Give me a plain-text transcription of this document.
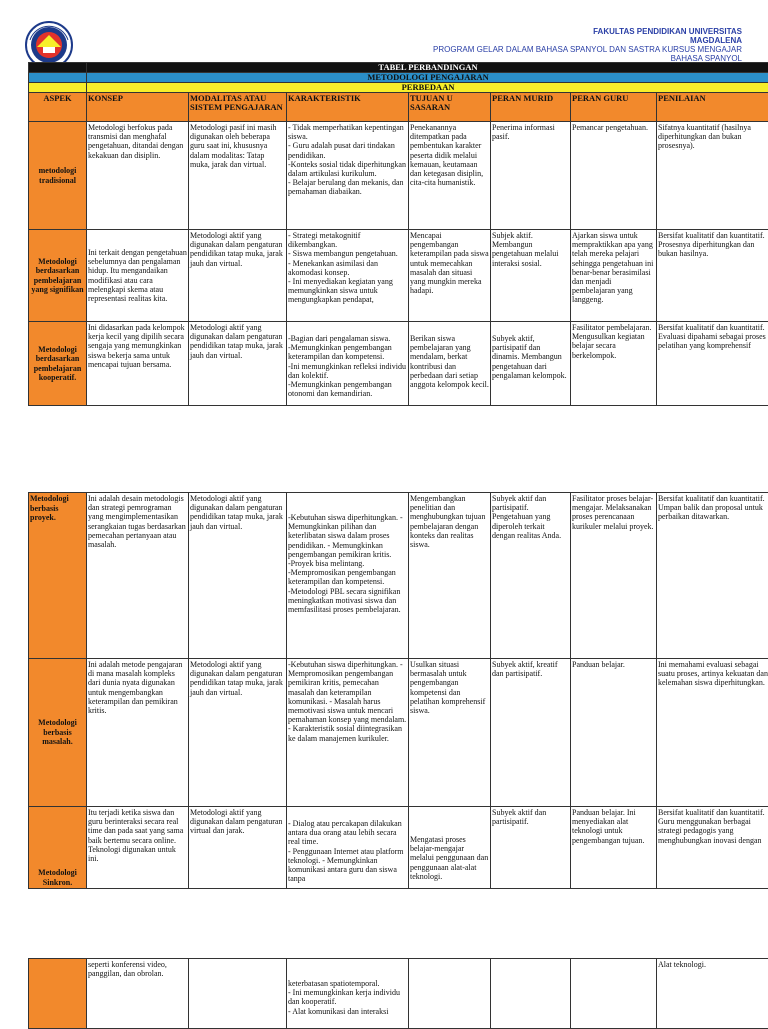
FAKULTAS PENDIDIKAN UNIVERSITAS
MAGDALENA
PROGRAM GELAR DALAM BAHASA SPANYOL DAN SASTRA KURSUS MENGAJAR
BAHASA SPANYOL
	TABEL PERBANDINGAN						
	METODOLOGI PENGAJARAN						
	PERBEDAAN						
ASPEK	KONSEP	MODALITAS ATAU SISTEM PENGAJARAN	KARAKTERISTIK	TUJUAN U SASARAN	PERAN MURID	PERAN GURU	PENILAIAN
metodologi tradisional	Metodologi berfokus pada transmisi dan menghafal pengetahuan, ditandai dengan kekakuan dan disiplin.	Metodologi pasif ini masih digunakan oleh beberapa guru saat ini, khususnya dalam modalitas: Tatap muka, jarak dan virtual.	- Tidak memperhatikan kepentingan siswa.
- Guru adalah pusat dari tindakan pendidikan.
-Konteks sosial tidak diperhitungkan dalam artikulasi kurikulum.
- Belajar berulang dan mekanis, dan pemahaman diabaikan.	Penekanannya ditempatkan pada pembentukan karakter peserta didik melalui kemauan, keutamaan dan ketegasan disiplin, cita-cita humanistik.	Penerima informasi pasif.	Pemancar pengetahuan.	Sifatnya kuantitatif (hasilnya diperhitungkan dan bukan prosesnya).
Metodologi berdasarkan pembelajaran yang signifikan	Ini terkait dengan pengetahuan sebelumnya dan pengalaman hidup. Itu mengandaikan modifikasi atau cara melengkapi skema atau representasi realitas kita.	Metodologi aktif yang digunakan dalam pengaturan pendidikan tatap muka, jarak jauh dan virtual.	- Strategi metakognitif dikembangkan.
- Siswa membangun pengetahuan.
- Menekankan asimilasi dan akomodasi konsep.
- Ini menyediakan kegiatan yang memungkinkan siswa untuk mengungkapkan pendapat,	Mencapai pengembangan keterampilan pada siswa untuk memecahkan masalah dan situasi yang mungkin mereka hadapi.	Subjek aktif. Membangun pengetahuan melalui interaksi sosial.	Ajarkan siswa untuk mempraktikkan apa yang telah mereka pelajari sehingga pengetahuan ini benar-benar berasimilasi dan menjadi pembelajaran yang langgeng.	Bersifat kualitatif dan kuantitatif. Prosesnya diperhitungkan dan bukan hasilnya.
Metodologi berdasarkan pembelajaran kooperatif.	Ini didasarkan pada kelompok kerja kecil yang dipilih secara sengaja yang memungkinkan siswa bekerja sama untuk mencapai tujuan bersama.	Metodologi aktif yang digunakan dalam pengaturan pendidikan tatap muka, jarak jauh dan virtual.	-Bagian dari pengalaman siswa.
-Memungkinkan pengembangan keterampilan dan kompetensi.
-Ini memungkinkan refleksi individu dan kolektif.
-Memungkinkan pengembangan otonomi dan kemandirian.	Berikan siswa pembelajaran yang mendalam, berkat kontribusi dan perbedaan dari setiap anggota kelompok kecil.	Subyek aktif, partisipatif dan dinamis. Membangun pengetahuan dari pengalaman kelompok.	Fasilitator pembelajaran. Mengusulkan kegiatan belajar secara berkelompok.	Bersifat kualitatif dan kuantitatif. Evaluasi dipahami sebagai proses pelatihan yang komprehensif
Metodologi berbasis proyek.	Ini adalah desain metodologis dan strategi pemrograman yang mengimplementasikan serangkaian tugas berdasarkan pemecahan pertanyaan atau masalah.	Metodologi aktif yang digunakan dalam pengaturan pendidikan tatap muka, jarak jauh dan virtual.	-Kebutuhan siswa diperhitungkan. -Memungkinkan pilihan dan keterlibatan siswa dalam proses pendidikan. - Memungkinkan pengembangan pemikiran kritis.
-Proyek bisa melintang.
-Mempromosikan pengembangan keterampilan dan kompetensi.
-Metodologi PBL secara signifikan meningkatkan motivasi siswa dan memfasilitasi proses pembelajaran.	Mengembangkan penelitian dan menghubungkan tujuan pembelajaran dengan konteks dan realitas siswa.	Subyek aktif dan partisipatif. Pengetahuan yang diperoleh terkait dengan realitas Anda.	Fasilitator proses belajar-mengajar. Melaksanakan proses perencanaan kurikuler melalui proyek.	Bersifat kualitatif dan kuantitatif. Umpan balik dan proposal untuk perbaikan ditawarkan.
Metodologi berbasis masalah.	Ini adalah metode pengajaran di mana masalah kompleks dari dunia nyata digunakan untuk mengembangkan keterampilan dan pemikiran kritis.	Metodologi aktif yang digunakan dalam pengaturan pendidikan tatap muka, jarak jauh dan virtual.	-Kebutuhan siswa diperhitungkan. -Mempromosikan pengembangan pemikiran kritis, pemecahan masalah dan keterampilan komunikasi. - Masalah harus memotivasi siswa untuk mencari pemahaman konsep yang mendalam.
- Karakteristik sosial diintegrasikan ke dalam manajemen kurikuler.	Usulkan situasi bermasalah untuk pengembangan kompetensi dan pelatihan komprehensif siswa.	Subyek aktif, kreatif dan partisipatif.	Panduan belajar.	Ini memahami evaluasi sebagai suatu proses, artinya kekuatan dan kelemahan siswa diperhitungkan.
Metodologi Sinkron.	Itu terjadi ketika siswa dan guru berinteraksi secara real time dan pada saat yang sama baik bertemu secara online. Teknologi digunakan untuk ini.	Metodologi aktif yang digunakan dalam pengaturan virtual dan jarak.	- Dialog atau percakapan dilakukan antara dua orang atau lebih secara real time.
- Penggunaan Internet atau platform teknologi. - Memungkinkan komunikasi antara guru dan siswa tanpa	Mengatasi proses belajar-mengajar melalui penggunaan dan penggunaan alat-alat teknologi.	Subyek aktif dan partisipatif.	Panduan belajar. Ini menyediakan alat teknologi untuk pengembangan tujuan.	Bersifat kualitatif dan kuantitatif. Guru menggunakan berbagai strategi pedagogis yang menghubungkan inovasi dengan
	seperti konferensi video, panggilan, dan obrolan.		keterbatasan spatiotemporal.
- Ini memungkinkan kerja individu dan kooperatif.
- Alat komunikasi dan interaksi				Alat teknologi.
